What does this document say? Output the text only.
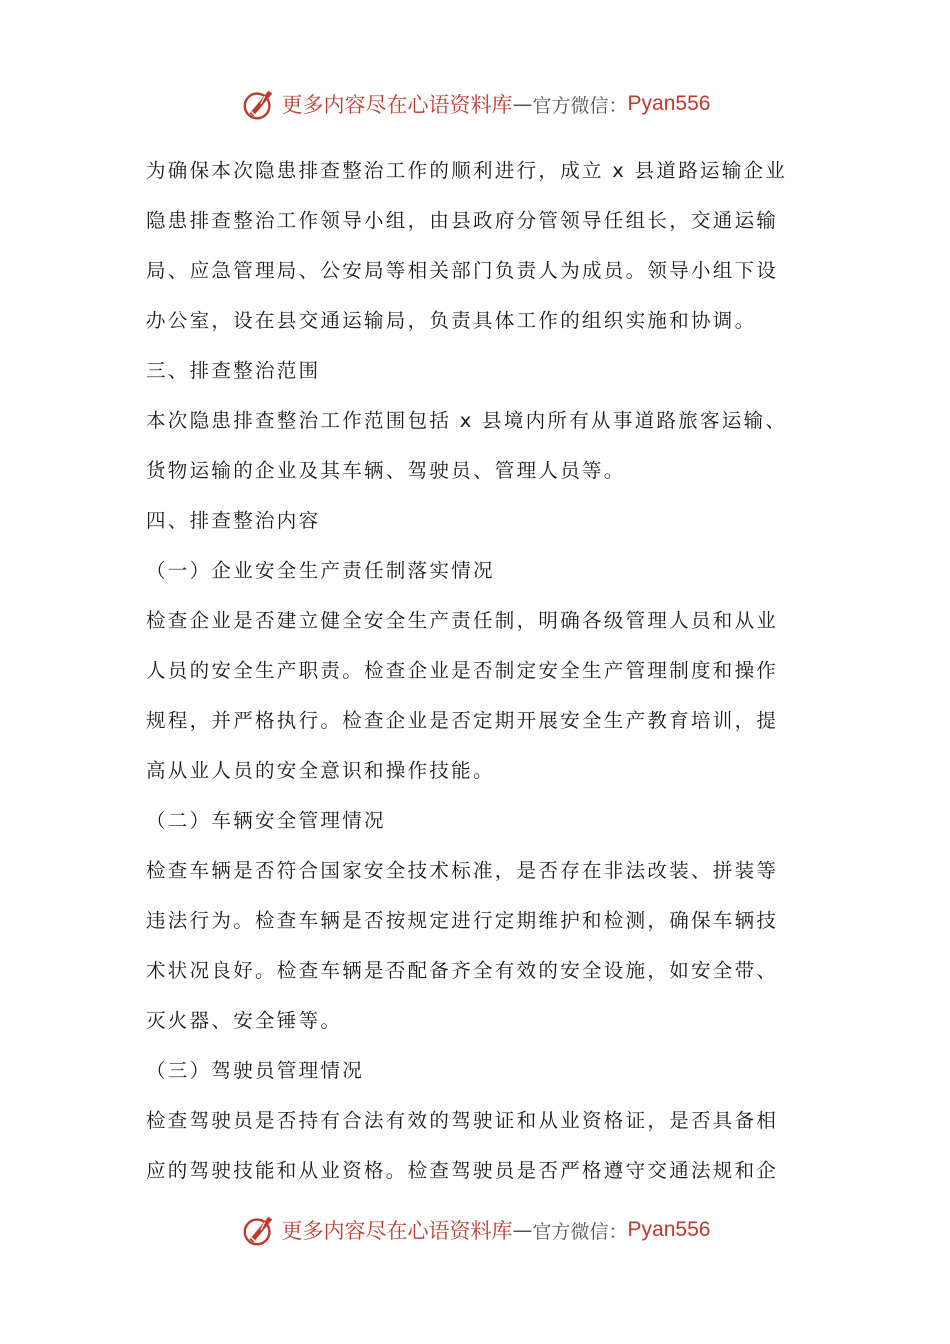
更多内容尽在心语资料库 — 官方微信： Pyan556
为确保本次隐患排查整治工作的顺利进行，成立 x 县道路运输企业
隐患排查整治工作领导小组，由县政府分管领导任组长，交通运输
局、应急管理局、公安局等相关部门负责人为成员。领导小组下设
办公室，设在县交通运输局，负责具体工作的组织实施和协调。
三、排查整治范围
本次隐患排查整治工作范围包括 x 县境内所有从事道路旅客运输、
货物运输的企业及其车辆、驾驶员、管理人员等。
四、排查整治内容
（一）企业安全生产责任制落实情况
检查企业是否建立健全安全生产责任制，明确各级管理人员和从业
人员的安全生产职责。检查企业是否制定安全生产管理制度和操作
规程，并严格执行。检查企业是否定期开展安全生产教育培训，提
高从业人员的安全意识和操作技能。
（二）车辆安全管理情况
检查车辆是否符合国家安全技术标准，是否存在非法改装、拼装等
违法行为。检查车辆是否按规定进行定期维护和检测，确保车辆技
术状况良好。检查车辆是否配备齐全有效的安全设施，如安全带、
灭火器、安全锤等。
（三）驾驶员管理情况
检查驾驶员是否持有合法有效的驾驶证和从业资格证，是否具备相
应的驾驶技能和从业资格。检查驾驶员是否严格遵守交通法规和企
更多内容尽在心语资料库 — 官方微信： Pyan556
